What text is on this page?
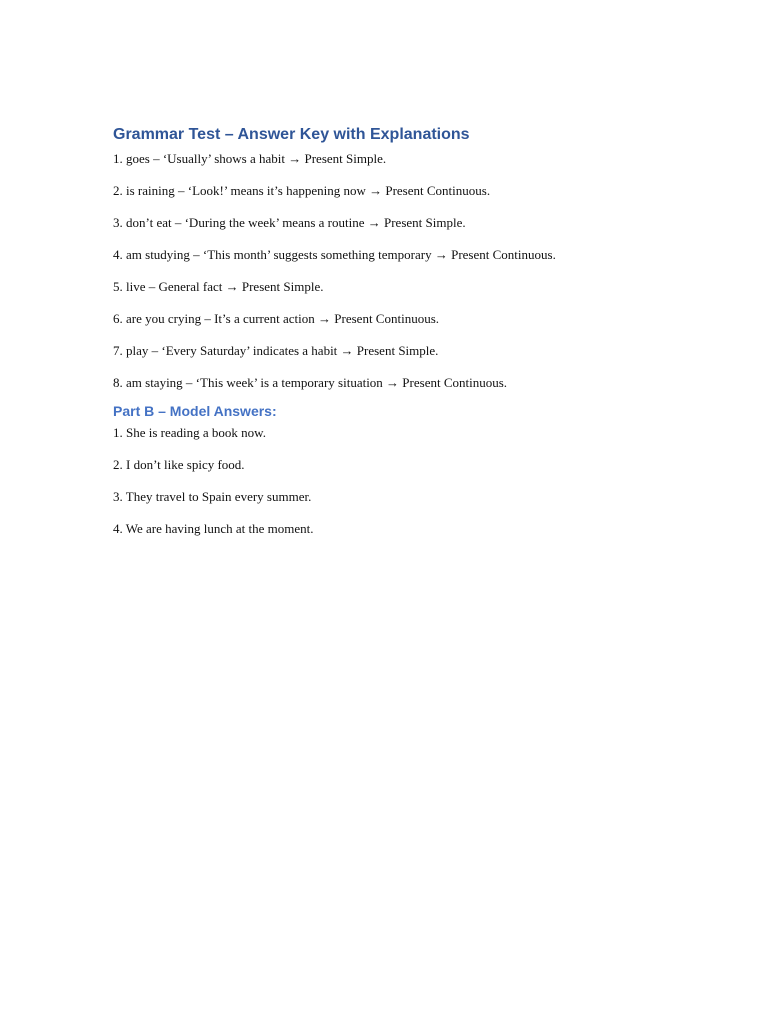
Grammar Test – Answer Key with Explanations

1. goes – ‘Usually’ shows a habit → Present Simple.

2. is raining – ‘Look!’ means it’s happening now → Present Continuous.

3. don’t eat – ‘During the week’ means a routine → Present Simple.

4. am studying – ‘This month’ suggests something temporary → Present Continuous.

5. live – General fact → Present Simple.

6. are you crying – It’s a current action → Present Continuous.

7. play – ‘Every Saturday’ indicates a habit → Present Simple.

8. am staying – ‘This week’ is a temporary situation → Present Continuous.

Part B – Model Answers:

1. She is reading a book now.

2. I don’t like spicy food.

3. They travel to Spain every summer.

4. We are having lunch at the moment.
